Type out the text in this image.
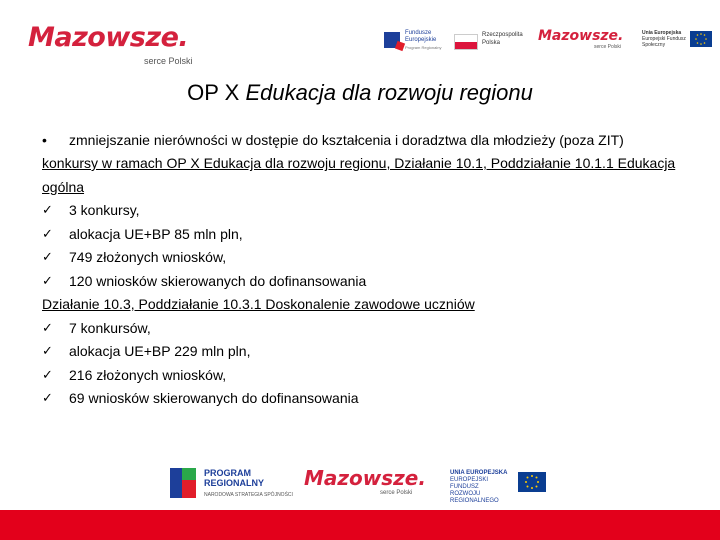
Mazowsze.
serce Polski
Fundusze
Europejskie
Program Regionalny
Rzeczpospolita
Polska	Mazowsze.
serce Polski
Unia Europejska
Europejski Fundusz
Społeczny
OP X Edukacja dla rozwoju regionu
• zmniejszanie nierówności w dostępie do kształcenia i doradztwa dla młodzieży (poza ZIT)
konkursy w ramach OP X Edukacja dla rozwoju regionu, Działanie 10.1, Poddziałanie 10.1.1 Edukacja ogólna
✓ 3 konkursy,
✓ alokacja UE+BP 85 mln pln,
✓ 749 złożonych wniosków,
✓ 120 wniosków skierowanych do dofinansowania
Działanie 10.3, Poddziałanie 10.3.1 Doskonalenie zawodowe uczniów
✓ 7 konkursów,
✓ alokacja UE+BP 229 mln pln,
✓ 216 złożonych wniosków,
✓ 69 wniosków skierowanych do dofinansowania
PROGRAM
REGIONALNY
NARODOWA STRATEGIA SPÓJNOŚCI
Mazowsze.
serce Polski
UNIA EUROPEJSKA
EUROPEJSKI FUNDUSZ
ROZWOJU REGIONALNEGO
